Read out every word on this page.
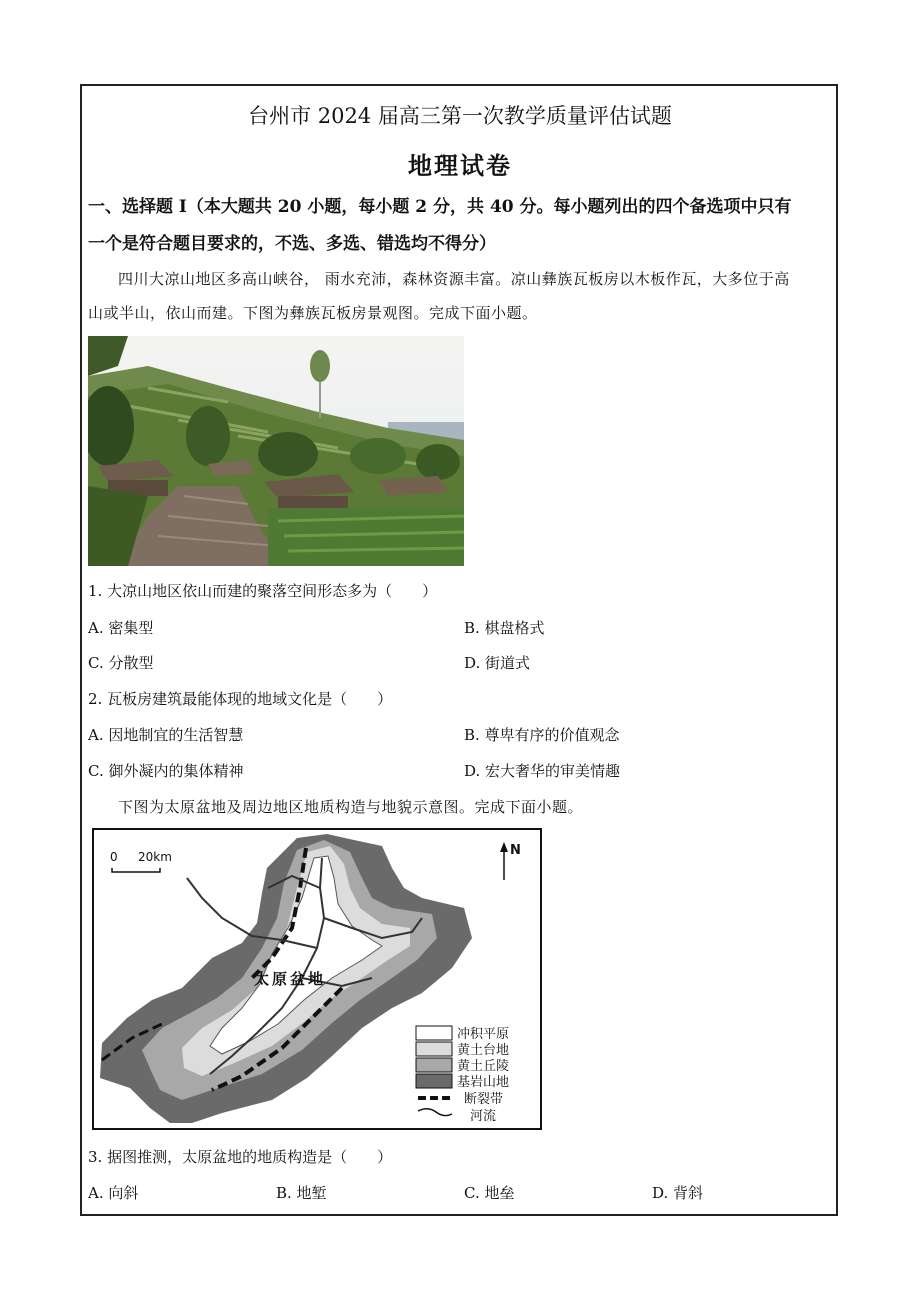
台州市 2024 届高三第一次教学质量评估试题
地理试卷
一、选择题 I（本大题共 20 小题，每小题 2 分，共 40 分。每小题列出的四个备选项中只有
一个是符合题目要求的，不选、多选、错选均不得分）
四川大凉山地区多高山峡谷， 雨水充沛，森林资源丰富。凉山彝族瓦板房以木板作瓦，大多位于高
山或半山，依山而建。下图为彝族瓦板房景观图。完成下面小题。
1. 大凉山地区依山而建的聚落空间形态多为（　　）
A. 密集型	B. 棋盘格式
C. 分散型	D. 街道式
2. 瓦板房建筑最能体现的地域文化是（　　）
A. 因地制宜的生活智慧	B. 尊卑有序的价值观念
C. 御外凝内的集体精神	D. 宏大奢华的审美情趣
下图为太原盆地及周边地区地质构造与地貌示意图。完成下面小题。
0 20km	N
太原盆地
冲积平原
黄土台地
黄土丘陵
基岩山地
断裂带
河流
3. 据图推测，太原盆地的地质构造是（　　）
A. 向斜	B. 地堑	C. 地垒	D. 背斜
